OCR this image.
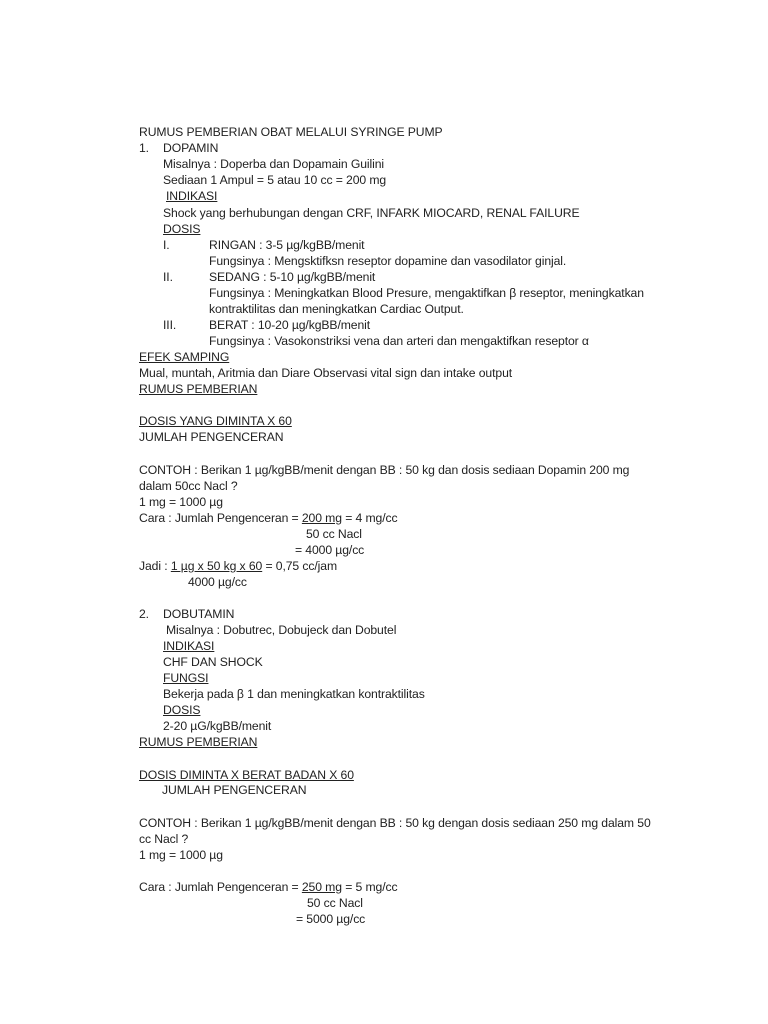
RUMUS PEMBERIAN OBAT MELALUI SYRINGE PUMP
1. DOPAMIN
Misalnya : Doperba dan Dopamain Guilini
Sediaan 1 Ampul = 5 atau 10 cc = 200 mg
INDIKASI
Shock yang berhubungan dengan CRF, INFARK MIOCARD, RENAL FAILURE
DOSIS
I.	RINGAN : 3-5 µg/kgBB/menit
Fungsinya : Mengsktifksn reseptor dopamine dan vasodilator ginjal.
II.	SEDANG : 5-10 µg/kgBB/menit
Fungsinya : Meningkatkan Blood Presure, mengaktifkan β reseptor, meningkatkan
kontraktilitas dan meningkatkan Cardiac Output.
III.	BERAT : 10-20 µg/kgBB/menit
Fungsinya : Vasokonstriksi vena dan arteri dan mengaktifkan reseptor α
EFEK SAMPING
Mual, muntah, Aritmia dan Diare Observasi vital sign dan intake output
RUMUS PEMBERIAN
DOSIS YANG DIMINTA X 60
JUMLAH PENGENCERAN
CONTOH : Berikan 1 µg/kgBB/menit dengan BB : 50 kg dan dosis sediaan Dopamin 200 mg
dalam 50cc Nacl ?
1 mg = 1000 µg
Cara : Jumlah Pengenceran = 200 mg = 4 mg/cc
50 cc Nacl
= 4000 µg/cc
Jadi : 1 µg x 50 kg x 60 = 0,75 cc/jam
4000 µg/cc
2. DOBUTAMIN
Misalnya : Dobutrec, Dobujeck dan Dobutel
INDIKASI
CHF DAN SHOCK
FUNGSI
Bekerja pada β 1 dan meningkatkan kontraktilitas
DOSIS
2-20 µG/kgBB/menit
RUMUS PEMBERIAN
DOSIS DIMINTA X BERAT BADAN X 60
JUMLAH PENGENCERAN
CONTOH : Berikan 1 µg/kgBB/menit dengan BB : 50 kg dengan dosis sediaan 250 mg dalam 50
cc Nacl ?
1 mg = 1000 µg
Cara : Jumlah Pengenceran = 250 mg = 5 mg/cc
50 cc Nacl
= 5000 µg/cc
